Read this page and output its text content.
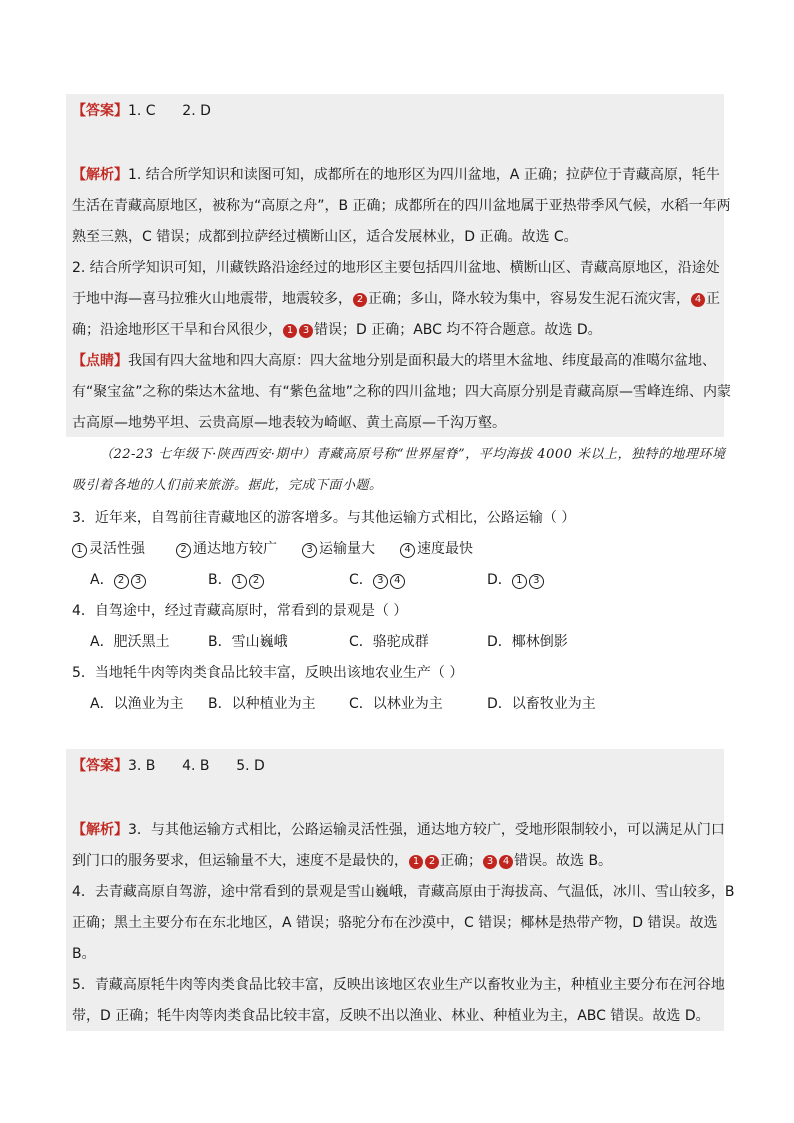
【答案】1. C      2. D
【解析】1. 结合所学知识和读图可知，成都所在的地形区为四川盆地，A 正确；拉萨位于青藏高原，牦牛
生活在青藏高原地区，被称为“高原之舟”，B 正确；成都所在的四川盆地属于亚热带季风气候，水稻一年两
熟至三熟，C 错误；成都到拉萨经过横断山区，适合发展林业，D 正确。故选 C。
2. 结合所学知识可知，川藏铁路沿途经过的地形区主要包括四川盆地、横断山区、青藏高原地区，沿途处
于地中海—喜马拉雅火山地震带，地震较多， 2 正确；多山，降水较为集中，容易发生泥石流灾害， 4 正
确；沿途地形区干旱和台风很少， 1 3 错误；D 正确；ABC 均不符合题意。故选 D。
【点睛】我国有四大盆地和四大高原：四大盆地分别是面积最大的塔里木盆地、纬度最高的准噶尔盆地、
有“聚宝盆”之称的柴达木盆地、有“紫色盆地”之称的四川盆地；四大高原分别是青藏高原—雪峰连绵、内蒙
古高原—地势平坦、云贵高原—地表较为崎岖、黄土高原—千沟万壑。
（22-23 七年级下·陕西西安·期中）青藏高原号称“世界屋脊”，平均海拔 4000 米以上，独特的地理环境
吸引着各地的人们前来旅游。据此，完成下面小题。
3．近年来，自驾前往青藏地区的游客增多。与其他运输方式相比，公路运输（ ）
1 灵活性强	2 通达地方较广	3 运输量大	4 速度最快
A． 2 3	B． 1 2	C． 3 4	D． 1 3
4．自驾途中，经过青藏高原时，常看到的景观是（ ）
A．肥沃黑土	B．雪山巍峨	C．骆驼成群	D．椰林倒影
5．当地牦牛肉等肉类食品比较丰富，反映出该地农业生产（ ）
A．以渔业为主 B．以种植业为主 C．以林业为主	D．以畜牧业为主
【答案】3. B      4. B      5. D
【解析】3．与其他运输方式相比，公路运输灵活性强，通达地方较广，受地形限制较小，可以满足从门口
到门口的服务要求，但运输量不大，速度不是最快的， 1 2 正确； 3 4 错误。故选 B。
4．去青藏高原自驾游，途中常看到的景观是雪山巍峨，青藏高原由于海拔高、气温低，冰川、雪山较多，B
正确；黑土主要分布在东北地区，A 错误；骆驼分布在沙漠中，C 错误；椰林是热带产物，D 错误。故选
B。
5．青藏高原牦牛肉等肉类食品比较丰富，反映出该地区农业生产以畜牧业为主，种植业主要分布在河谷地
带，D 正确；牦牛肉等肉类食品比较丰富，反映不出以渔业、林业、种植业为主，ABC 错误。故选 D。
